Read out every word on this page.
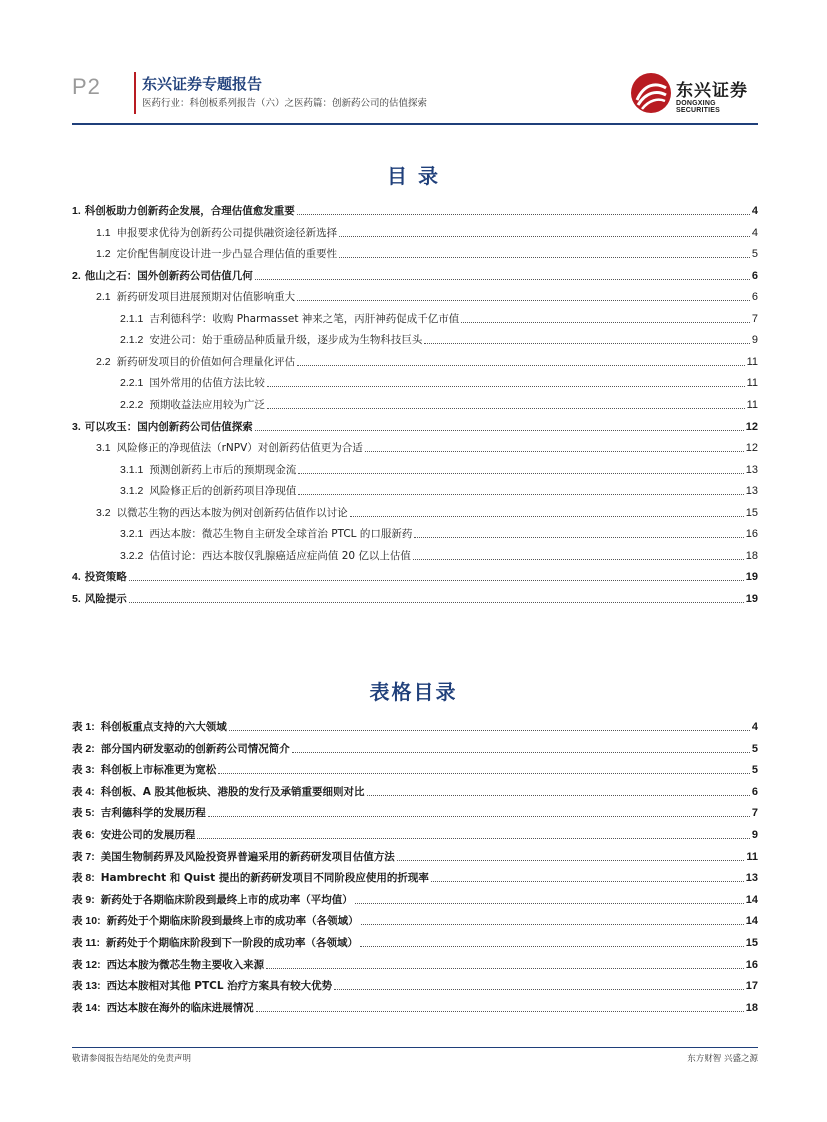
P2	东兴证券专题报告
医药行业：科创板系列报告（六）之医药篇：创新药公司的估值探索
东兴证券
DONGXING SECURITIES
目 录
1. 科创板助力创新药企发展，合理估值愈发重要	4
1.1 申报要求优待为创新药公司提供融资途径新选择	4
1.2 定价配售制度设计进一步凸显合理估值的重要性	5
2. 他山之石：国外创新药公司估值几何	6
2.1 新药研发项目进展预期对估值影响重大	6
2.1.1 吉利德科学：收购 Pharmasset 神来之笔，丙肝神药促成千亿市值	7
2.1.2 安进公司：始于重磅品种质量升级，逐步成为生物科技巨头	9
2.2 新药研发项目的价值如何合理量化评估	11
2.2.1 国外常用的估值方法比较	11
2.2.2 预期收益法应用较为广泛	11
3. 可以攻玉：国内创新药公司估值探索	12
3.1 风险修正的净现值法（rNPV）对创新药估值更为合适	12
3.1.1 预测创新药上市后的预期现金流	13
3.1.2 风险修正后的创新药项目净现值	13
3.2 以微芯生物的西达本胺为例对创新药估值作以讨论	15
3.2.1 西达本胺：微芯生物自主研发全球首治 PTCL 的口服新药	16
3.2.2 估值讨论：西达本胺仅乳腺癌适应症尚值 20 亿以上估值	18
4. 投资策略	19
5. 风险提示	19
表格目录
表 1: 科创板重点支持的六大领域	4
表 2: 部分国内研发驱动的创新药公司情况简介	5
表 3: 科创板上市标准更为宽松	5
表 4: 科创板、A 股其他板块、港股的发行及承销重要细则对比	6
表 5: 吉利德科学的发展历程	7
表 6: 安进公司的发展历程	9
表 7: 美国生物制药界及风险投资界普遍采用的新药研发项目估值方法	11
表 8: Hambrecht 和 Quist 提出的新药研发项目不同阶段应使用的折现率	13
表 9: 新药处于各期临床阶段到最终上市的成功率（平均值）	14
表 10: 新药处于个期临床阶段到最终上市的成功率（各领域）	14
表 11: 新药处于个期临床阶段到下一阶段的成功率（各领域）	15
表 12: 西达本胺为微芯生物主要收入来源	16
表 13: 西达本胺相对其他 PTCL 治疗方案具有较大优势	17
表 14: 西达本胺在海外的临床进展情况	18
敬请参阅报告结尾处的免责声明	东方财智 兴盛之源
